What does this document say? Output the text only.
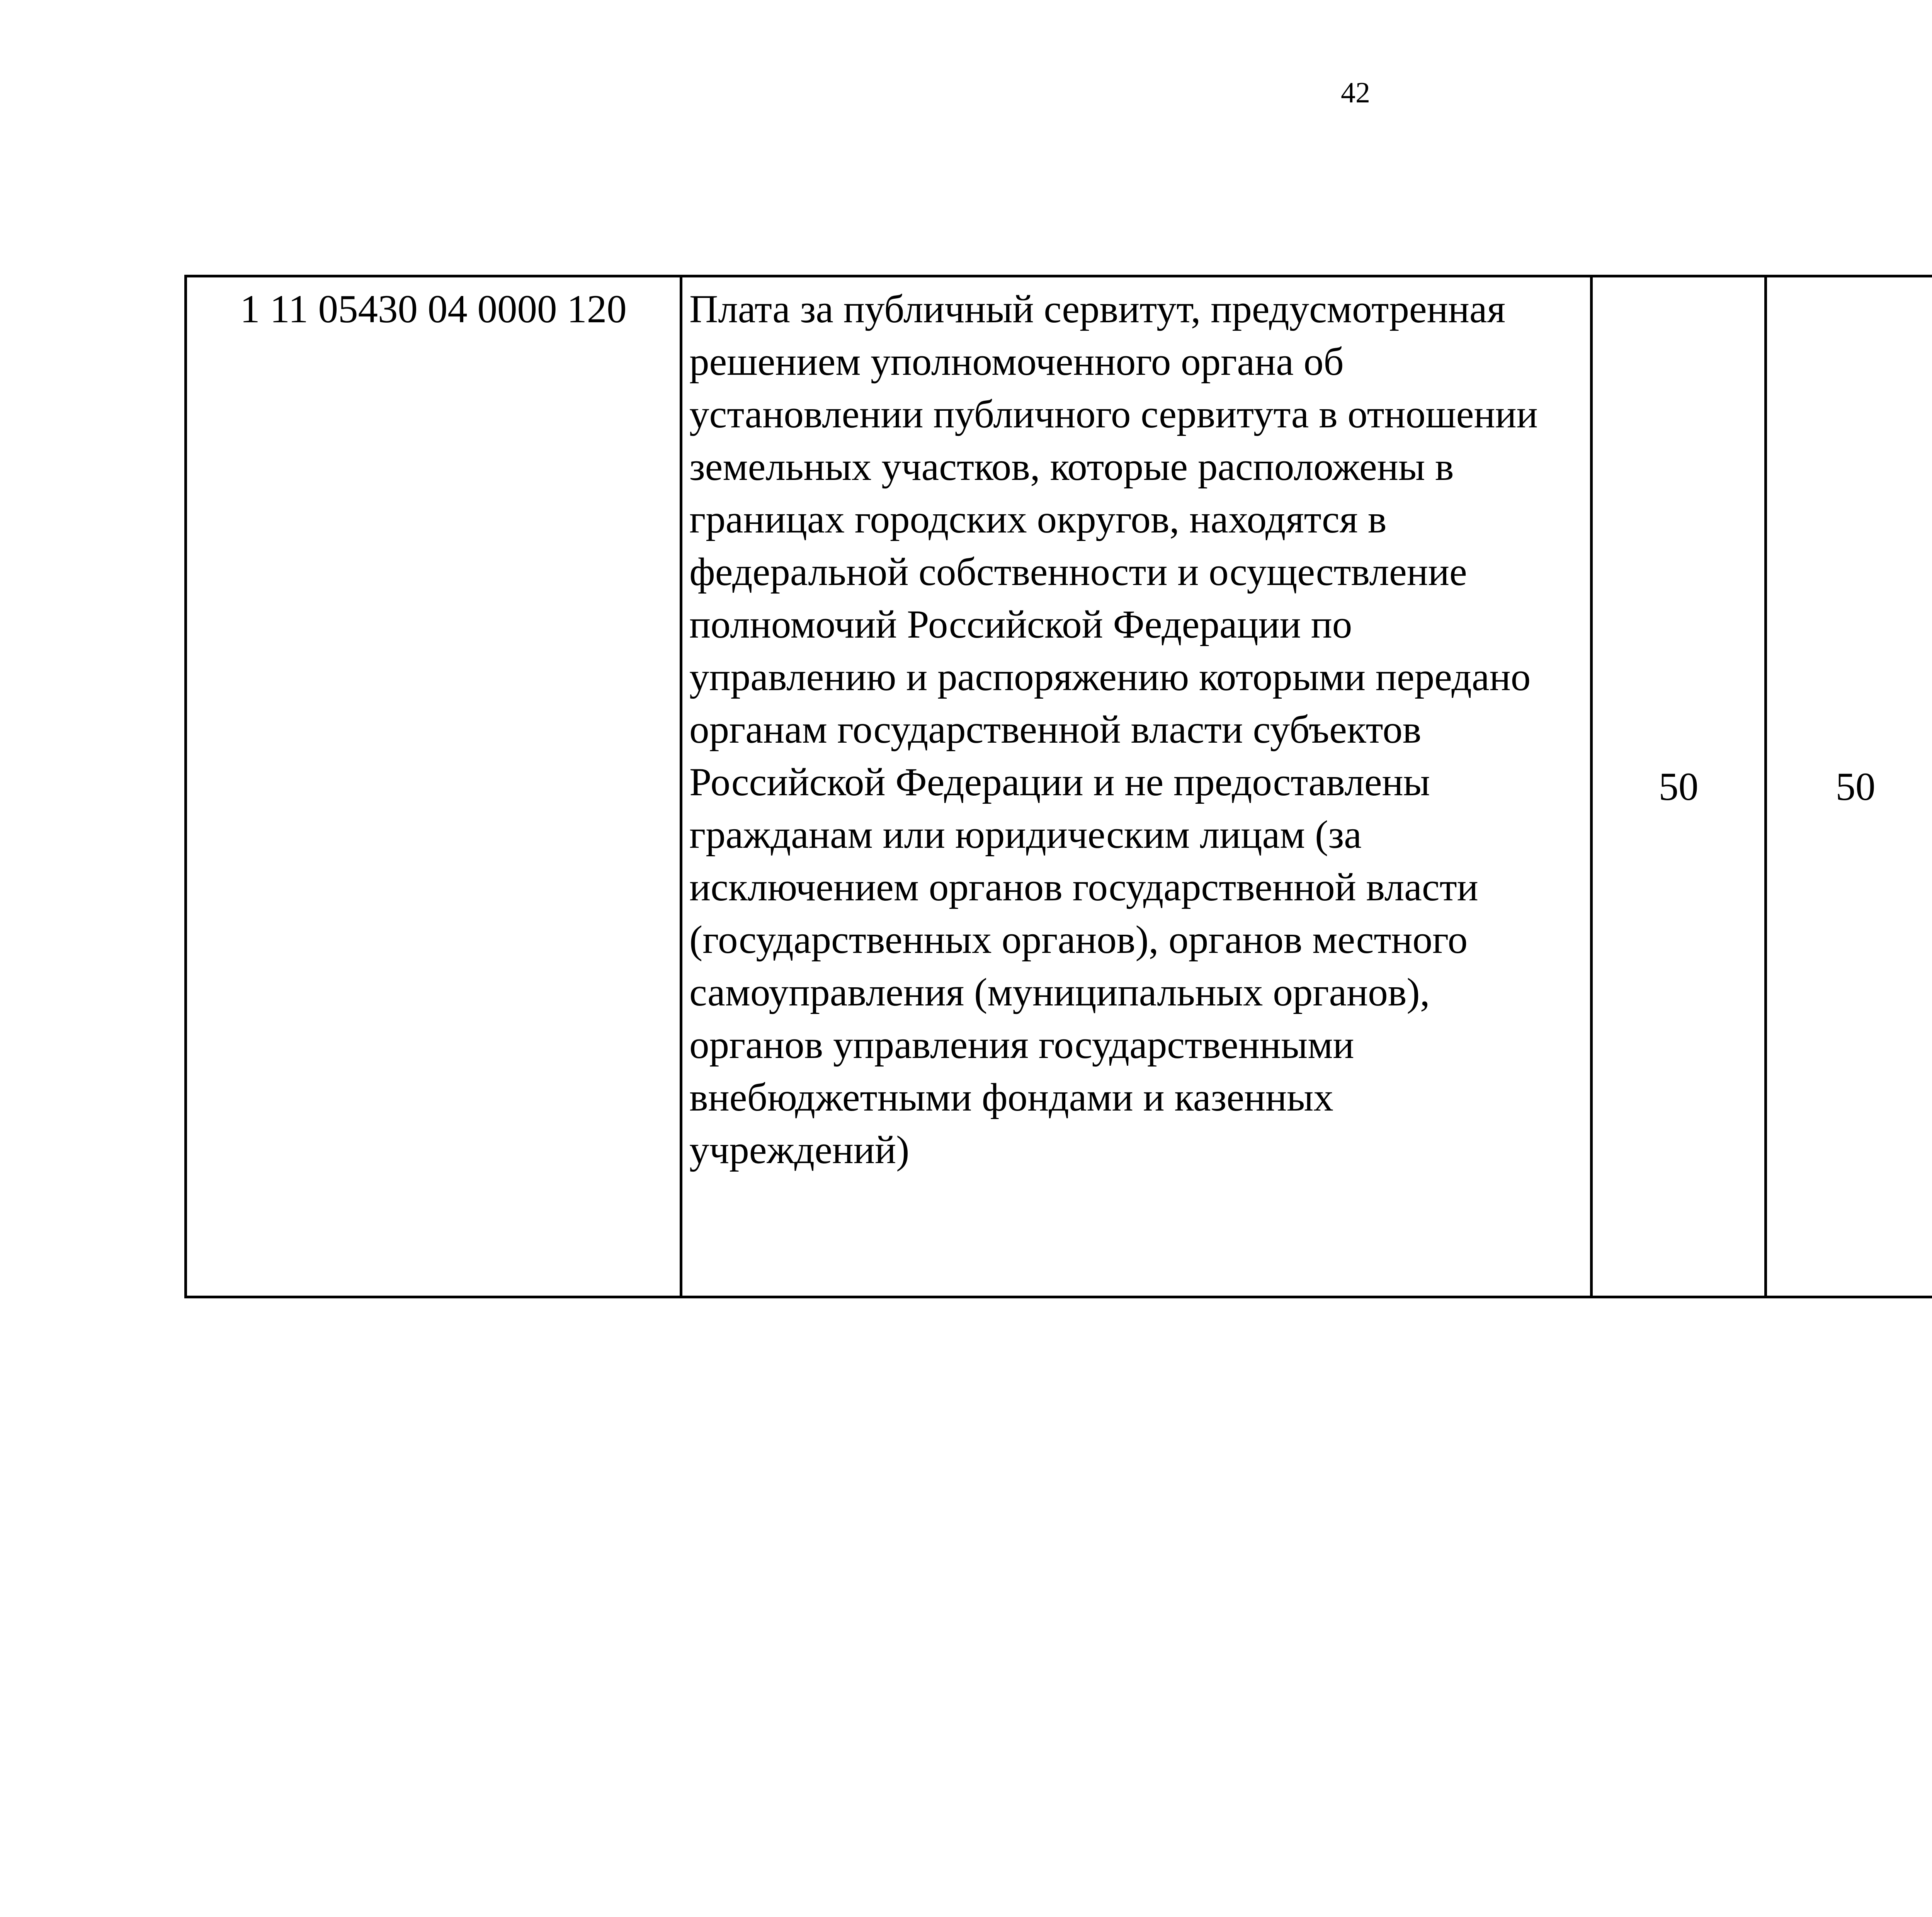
42
1 11 05430 04 0000 120	Плата за публичный сервитут, предусмотренная
решением уполномоченного органа об
установлении публичного сервитута в отношении
земельных участков, которые расположены в
границах городских округов, находятся в
федеральной собственности и осуществление
полномочий Российской Федерации по
управлению и распоряжению которыми передано
органам государственной власти субъектов
Российской Федерации и не предоставлены
гражданам или юридическим лицам (за
исключением органов государственной власти
(государственных органов), органов местного
самоуправления (муниципальных органов),
органов управления государственными
внебюджетными фондами и казенных
учреждений)
	50	50			
